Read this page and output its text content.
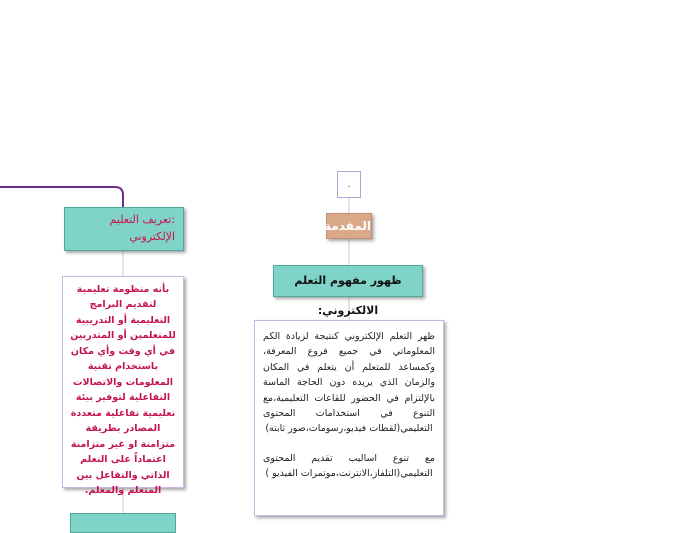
.
المقدمة
ظهور مفهوم التعلم الالكتروني:

ظهر التعلم الإلكتروني كنتيجة لزيادة الكم المعلوماتي في جميع فروع المعرفة، وكمساعد للمتعلم أن يتعلم في المكان والزمان الذي يريده دون الحاجة الماسة بالإلتزام في الحضور للقاعات التعليمية،مع التنوع في استخدامات المحتوى التعليمي(لقطات فيديو،رسومات،صور ثابته)

مع تنوع اساليب تقديم المحتوى التعليمي(التلفاز،الانترنت،موتمرات الفيديو )

:تعريف التعليم الإلكتروني
بأنه منظومة تعليمية لتقديم البرامج التعليمية أو التدريبية للمتعلمين أو المتدربين في أي وقت وأي مكان باستخدام تقنية المعلومات والاتصالات التفاعلية لتوفير بيئة تعليمية تفاعلية متعددة المصادر بطريقة متزامنة او غير متزامنة اعتماداً على التعلم الذاتي والتفاعل بين المتعلم والمعلم.
